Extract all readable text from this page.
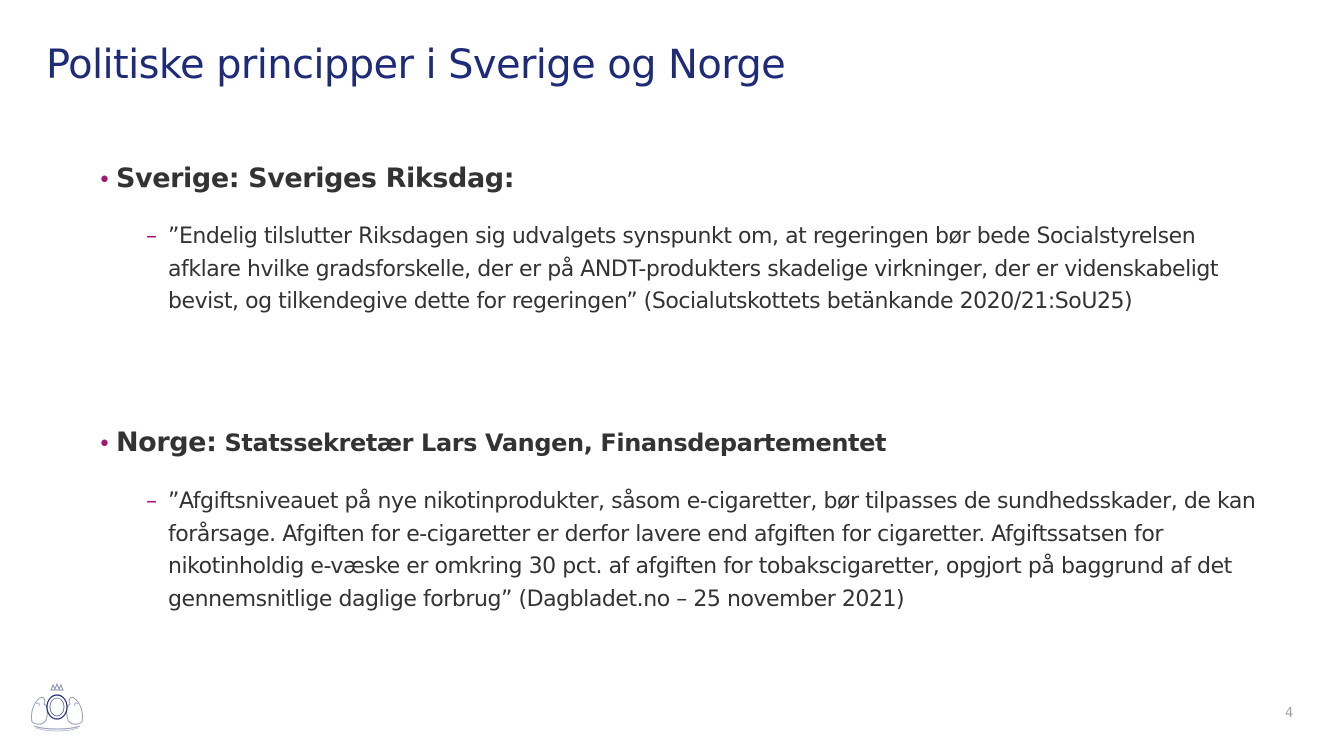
Politiske principper i Sverige og Norge
• Sverige: Sveriges Riksdag:
– ”Endelig tilslutter Riksdagen sig udvalgets synspunkt om, at regeringen bør bede Socialstyrelsen afklare hvilke gradsforskelle, der er på ANDT-produkters skadelige virkninger, der er videnskabeligt bevist, og tilkendegive dette for regeringen” (Socialutskottets betänkande 2020/21:SoU25)
• Norge: Statssekretær Lars Vangen, Finansdepartementet
– ”Afgiftsniveauet på nye nikotinprodukter, såsom e-cigaretter, bør tilpasses de sundhedsskader, de kan forårsage. Afgiften for e-cigaretter er derfor lavere end afgiften for cigaretter. Afgiftssatsen for nikotinholdig e-væske er omkring 30 pct. af afgiften for tobakscigaretter, opgjort på baggrund af det gennemsnitlige daglige forbrug” (Dagbladet.no – 25 november 2021)
4
